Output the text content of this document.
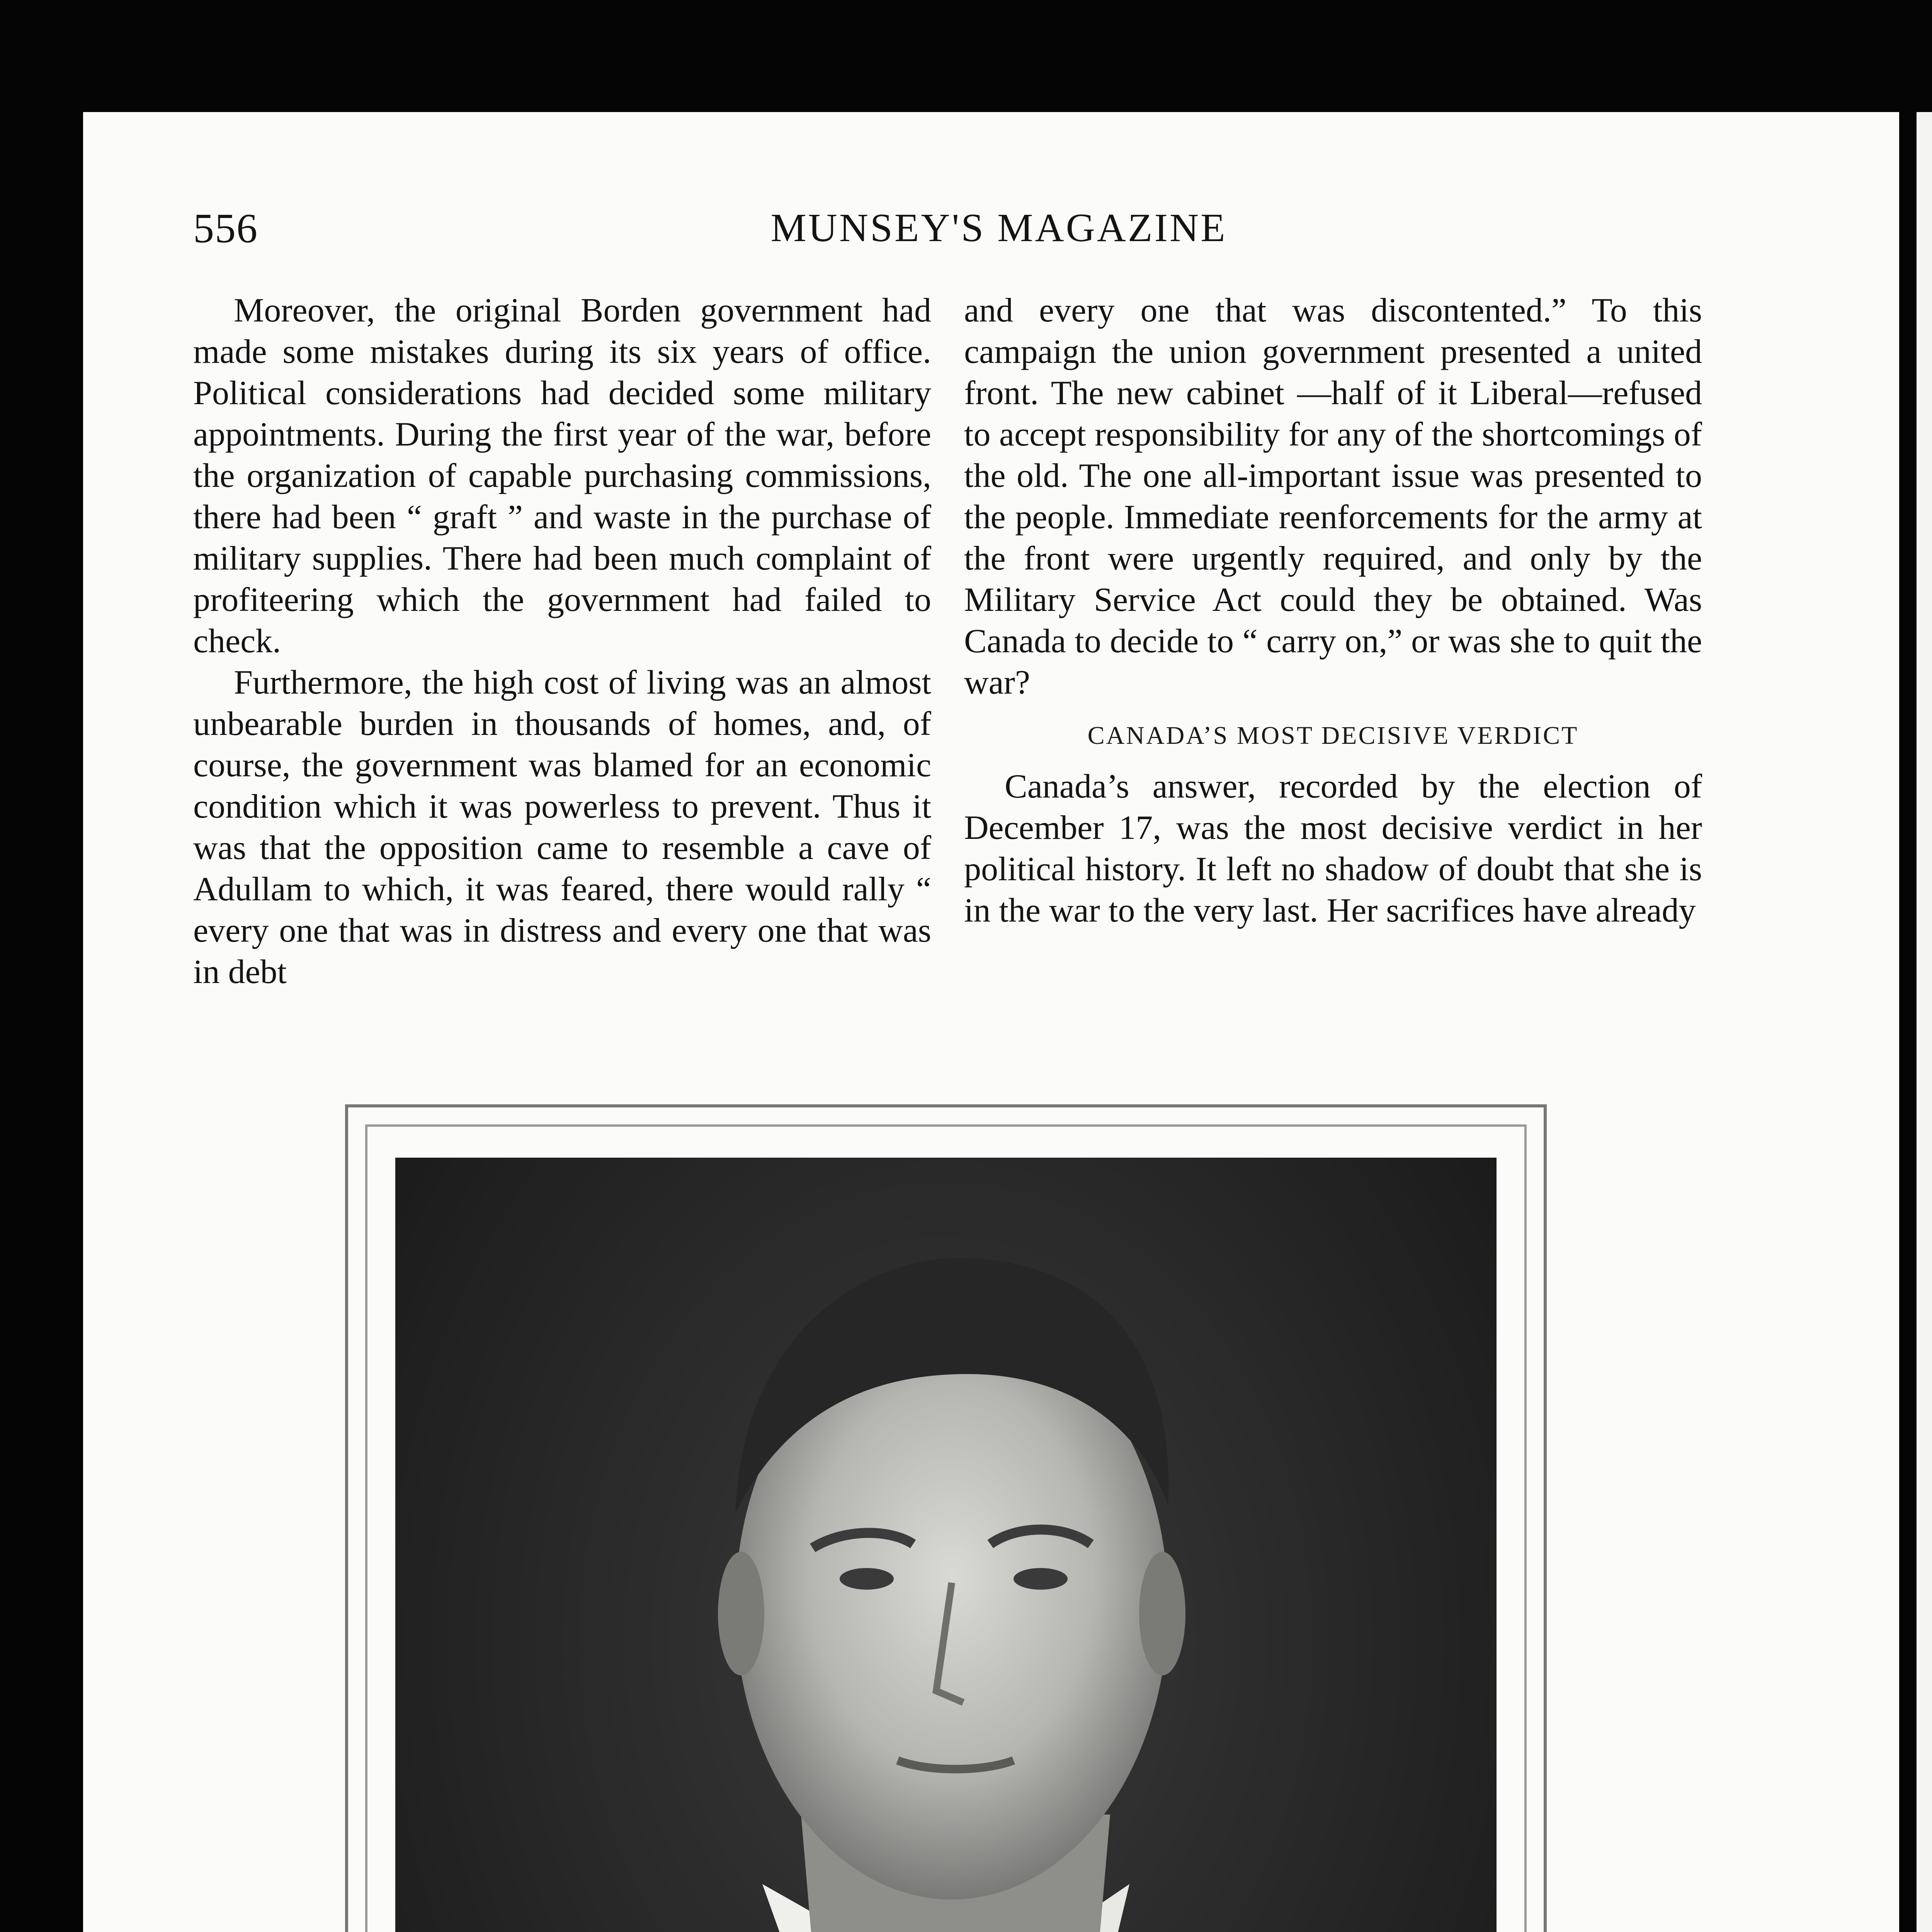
556	MUNSEY'S MAGAZINE

Moreover, the original Borden government had made some mistakes during its six years of office. Political considerations had decided some military appointments. During the first year of the war, before the organization of capable purchasing commissions, there had been “ graft ” and waste in the purchase of military supplies. There had been much complaint of profiteering which the government had failed to check.

Furthermore, the high cost of living was an almost unbearable burden in thousands of homes, and, of course, the government was blamed for an economic condition which it was powerless to prevent. Thus it was that the opposition came to resemble a cave of Adullam to which, it was feared, there would rally “ every one that was in distress and every one that was in debt

and every one that was discontented.” To this campaign the union government presented a united front. The new cabinet —half of it Liberal—refused to accept responsibility for any of the shortcomings of the old. The one all-important issue was presented to the people. Immediate reenforcements for the army at the front were urgently required, and only by the Military Service Act could they be obtained. Was Canada to decide to “ carry on,” or was she to quit the war?

CANADA’S MOST DECISIVE VERDICT

Canada’s answer, recorded by the election of December 17, was the most decisive verdict in her political history. It left no shadow of doubt that she is in the war to the very last. Her sacrifices have already
